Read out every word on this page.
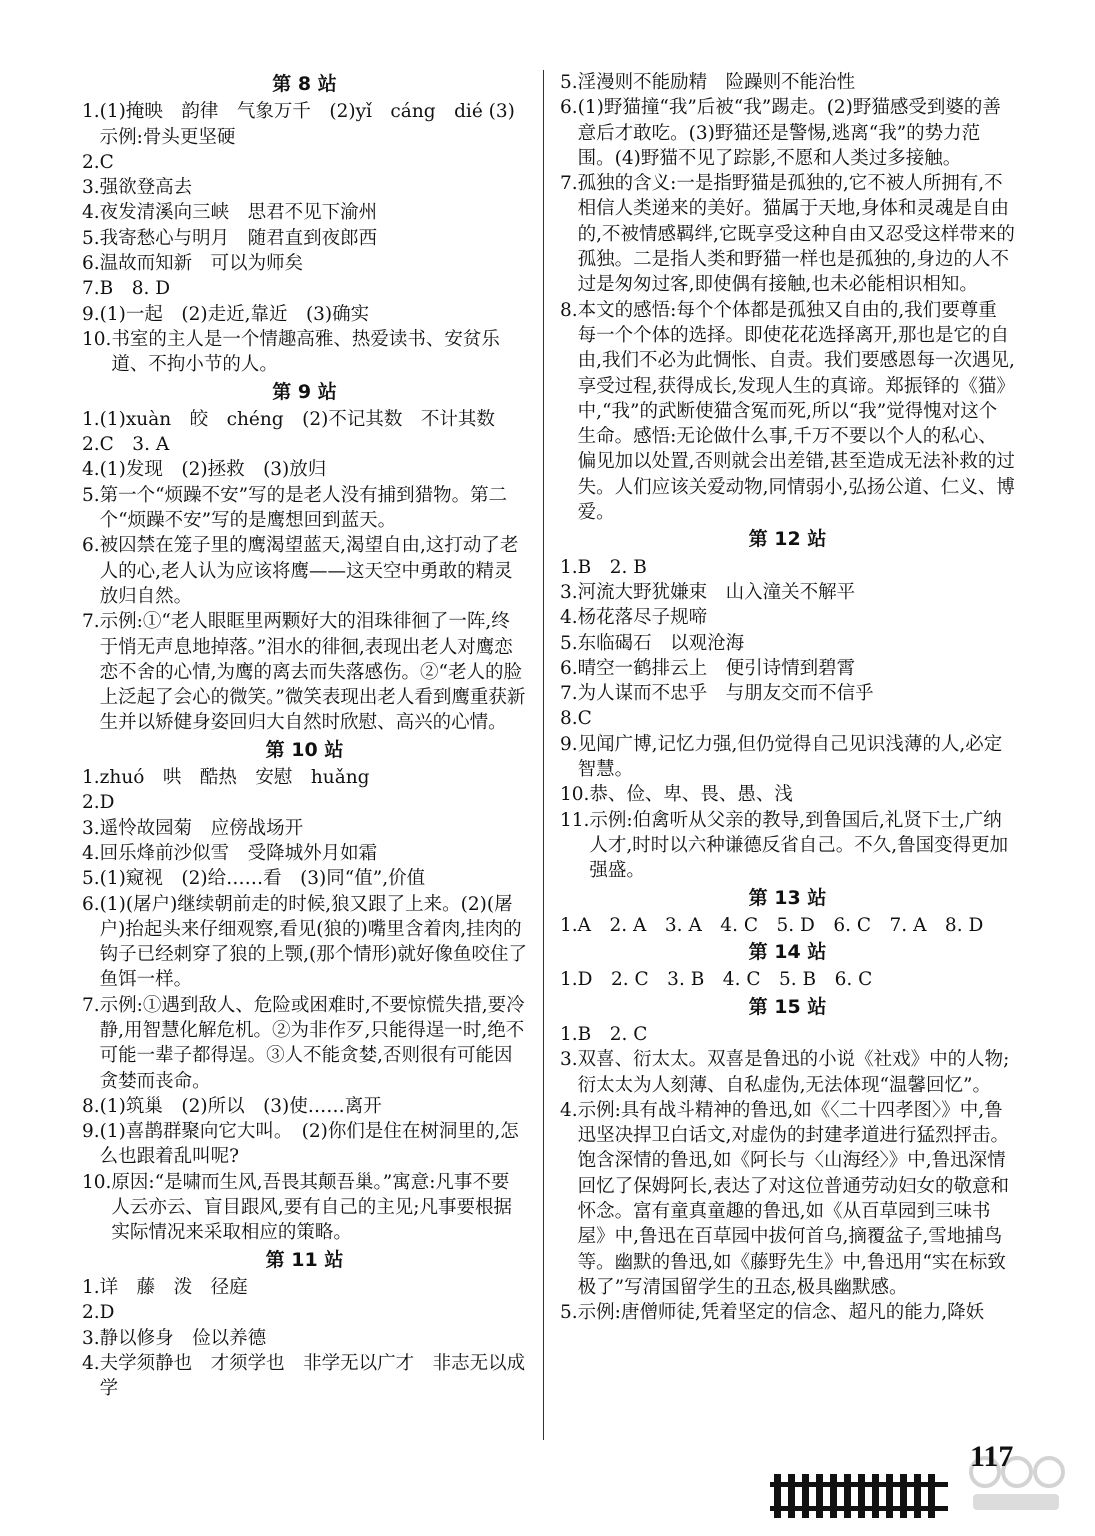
第 8 站
1. (1)掩映　韵律　气象万千　(2)yǐ　cáng　dié (3)示例:骨头更坚硬
2. C
3. 强欲登高去
4. 夜发清溪向三峡　思君不见下渝州
5. 我寄愁心与明月　随君直到夜郎西
6. 温故而知新　可以为师矣
7. B　8. D
9. (1)一起　(2)走近,靠近　(3)确实
10. 书室的主人是一个情趣高雅、热爱读书、安贫乐道、不拘小节的人。
第 9 站
1. (1)xuàn　皎　chéng　(2)不记其数　不计其数
2. C　3. A
4. (1)发现　(2)拯救　(3)放归
5. 第一个“烦躁不安”写的是老人没有捕到猎物。第二个“烦躁不安”写的是鹰想回到蓝天。
6. 被囚禁在笼子里的鹰渴望蓝天,渴望自由,这打动了老人的心,老人认为应该将鹰——这天空中勇敢的精灵放归自然。
7. 示例:①“老人眼眶里两颗好大的泪珠徘徊了一阵,终于悄无声息地掉落。”泪水的徘徊,表现出老人对鹰恋恋不舍的心情,为鹰的离去而失落感伤。②“老人的脸上泛起了会心的微笑。”微笑表现出老人看到鹰重获新生并以矫健身姿回归大自然时欣慰、高兴的心情。
第 10 站
1. zhuó　哄　酷热　安慰　huǎng
2. D
3. 遥怜故园菊　应傍战场开
4. 回乐烽前沙似雪　受降城外月如霜
5. (1)窥视　(2)给……看　(3)同“值”,价值
6. (1)(屠户)继续朝前走的时候,狼又跟了上来。(2)(屠户)抬起头来仔细观察,看见(狼的)嘴里含着肉,挂肉的钩子已经刺穿了狼的上颚,(那个情形)就好像鱼咬住了鱼饵一样。
7. 示例:①遇到敌人、危险或困难时,不要惊慌失措,要冷静,用智慧化解危机。②为非作歹,只能得逞一时,绝不可能一辈子都得逞。③人不能贪婪,否则很有可能因贪婪而丧命。
8. (1)筑巢　(2)所以　(3)使……离开
9. (1)喜鹊群聚向它大叫。　(2)你们是住在树洞里的,怎么也跟着乱叫呢?
10. 原因:“是啸而生风,吾畏其颠吾巢。”寓意:凡事不要人云亦云、盲目跟风,要有自己的主见;凡事要根据实际情况来采取相应的策略。
第 11 站
1. 详　藤　泼　径庭
2. D
3. 静以修身　俭以养德
4. 夫学须静也　才须学也　非学无以广才　非志无以成学
5. 淫漫则不能励精　险躁则不能治性
6. (1)野猫撞“我”后被“我”踢走。(2)野猫感受到婆的善意后才敢吃。(3)野猫还是警惕,逃离“我”的势力范围。(4)野猫不见了踪影,不愿和人类过多接触。
7. 孤独的含义:一是指野猫是孤独的,它不被人所拥有,不相信人类递来的美好。猫属于天地,身体和灵魂是自由的,不被情感羁绊,它既享受这种自由又忍受这样带来的孤独。二是指人类和野猫一样也是孤独的,身边的人不过是匆匆过客,即使偶有接触,也未必能相识相知。
8. 本文的感悟:每个个体都是孤独又自由的,我们要尊重每一个个体的选择。即使花花选择离开,那也是它的自由,我们不必为此惆怅、自责。我们要感恩每一次遇见,享受过程,获得成长,发现人生的真谛。郑振铎的《猫》中,“我”的武断使猫含冤而死,所以“我”觉得愧对这个生命。感悟:无论做什么事,千万不要以个人的私心、偏见加以处置,否则就会出差错,甚至造成无法补救的过失。人们应该关爱动物,同情弱小,弘扬公道、仁义、博爱。
第 12 站
1. B　2. B
3. 河流大野犹嫌束　山入潼关不解平
4. 杨花落尽子规啼
5. 东临碣石　以观沧海
6. 晴空一鹤排云上　便引诗情到碧霄
7. 为人谋而不忠乎　与朋友交而不信乎
8. C
9. 见闻广博,记忆力强,但仍觉得自己见识浅薄的人,必定智慧。
10. 恭、俭、卑、畏、愚、浅
11. 示例:伯禽听从父亲的教导,到鲁国后,礼贤下士,广纳人才,时时以六种谦德反省自己。不久,鲁国变得更加强盛。
第 13 站
1. A　2. A　3. A　4. C　5. D　6. C　7. A　8. D
第 14 站
1. D　2. C　3. B　4. C　5. B　6. C
第 15 站
1. B　2. C
3. 双喜、衍太太。双喜是鲁迅的小说《社戏》中的人物;衍太太为人刻薄、自私虚伪,无法体现“温馨回忆”。
4. 示例:具有战斗精神的鲁迅,如《〈二十四孝图〉》中,鲁迅坚决捍卫白话文,对虚伪的封建孝道进行猛烈抨击。饱含深情的鲁迅,如《阿长与〈山海经〉》中,鲁迅深情回忆了保姆阿长,表达了对这位普通劳动妇女的敬意和怀念。富有童真童趣的鲁迅,如《从百草园到三味书屋》中,鲁迅在百草园中拔何首乌,摘覆盆子,雪地捕鸟等。幽默的鲁迅,如《藤野先生》中,鲁迅用“实在标致极了”写清国留学生的丑态,极具幽默感。
5. 示例:唐僧师徒,凭着坚定的信念、超凡的能力,降妖
117
